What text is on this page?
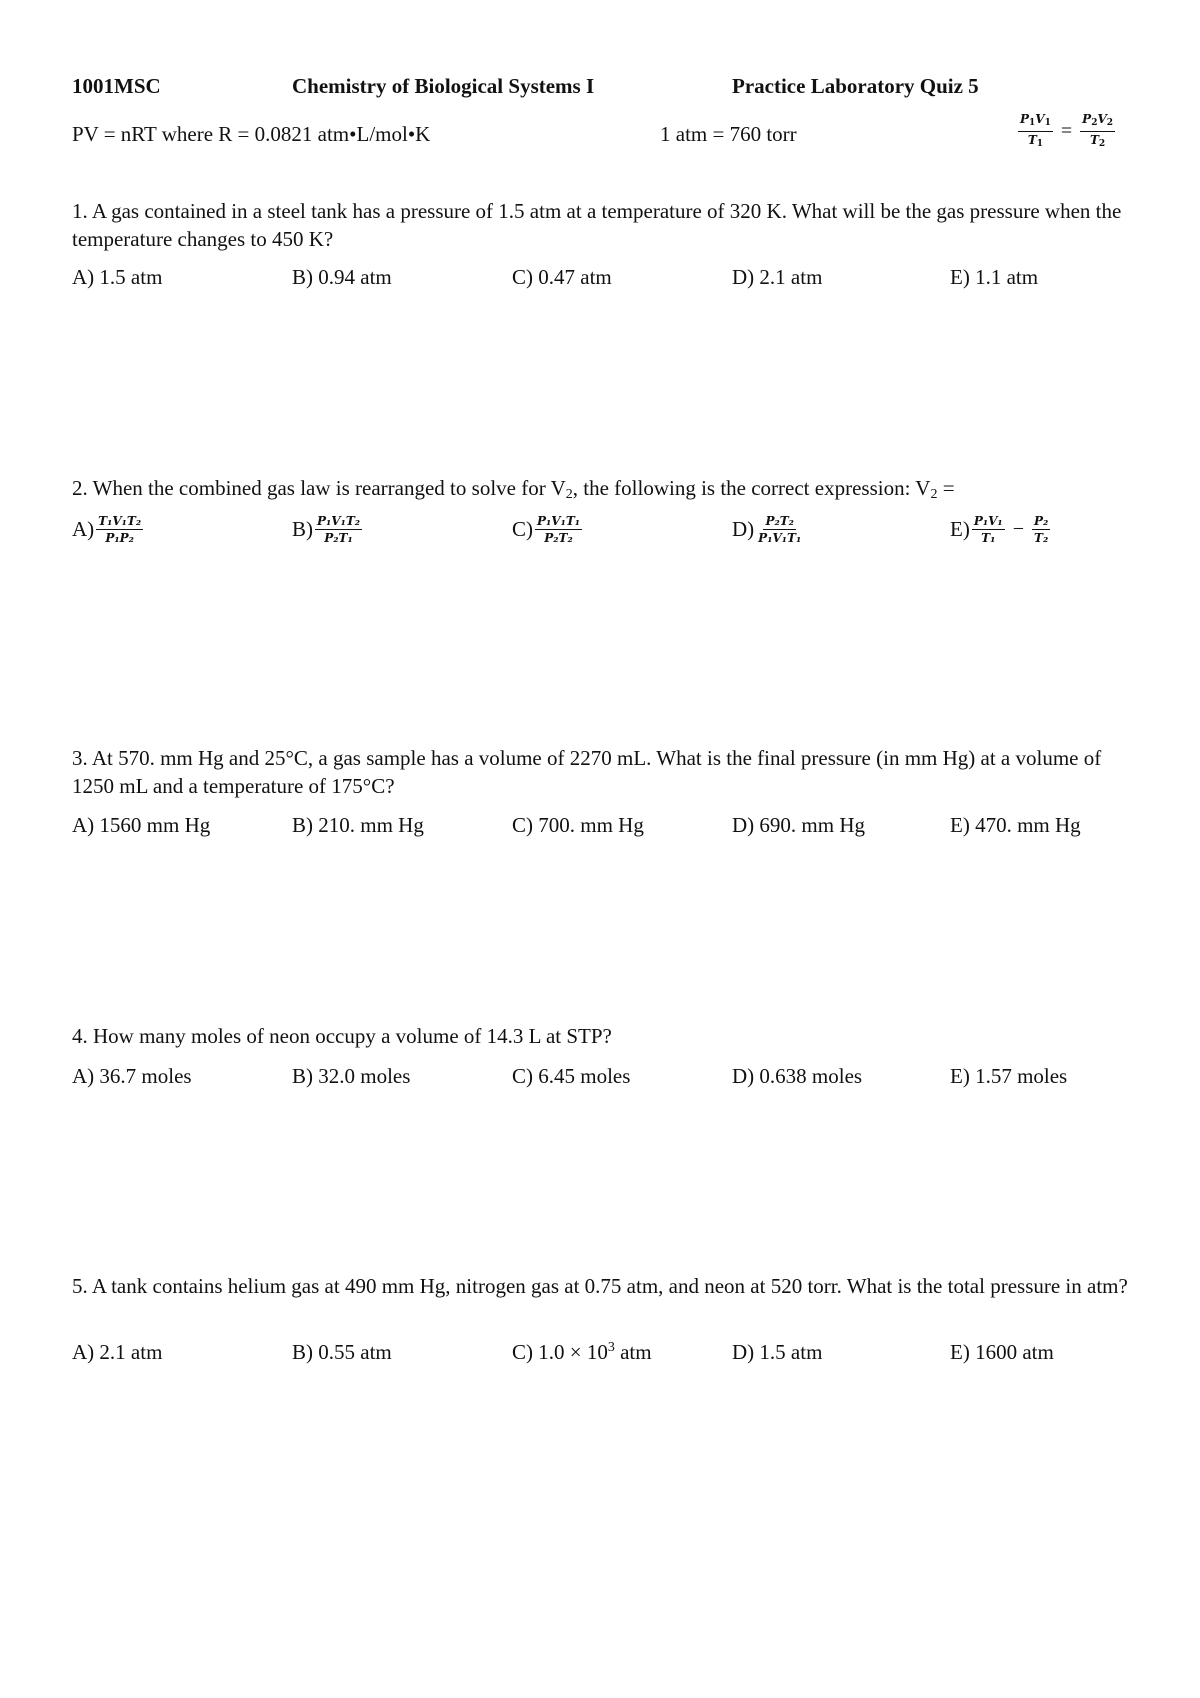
1001MSC	Chemistry of Biological Systems I	Practice Laboratory Quiz 5
PV = nRT where R = 0.0821 atm•L/mol•K	1 atm = 760 torr	$\frac{P_1V_1}{T_1} = \frac{P_2V_2}{T_2}$
1. A gas contained in a steel tank has a pressure of 1.5 atm at a temperature of 320 K. What will be the gas pressure when the temperature changes to 450 K?
A) 1.5 atm	B) 0.94 atm	C) 0.47 atm	D) 2.1 atm	E) 1.1 atm
2. When the combined gas law is rearranged to solve for $V_2$, the following is the correct expression: $V_2$ =
$A) \frac{\text{T₁V₁T₂}}{\text{P₁P₂}}$	$B) \frac{\text{P₁V₁T₂}}{\text{P₂T₁}}$	$C) \frac{\text{P₁V₁T₁}}{\text{P₂T₂}}$	$D) \frac{\text{P₂T₂}}{\text{P₁V₁T₁}}$	$E) \frac{\text{P₁V₁}}{\text{T₁}} - \frac{\text{P₂}}{\text{T₂}}$
3. At 570. mm Hg and 25°C, a gas sample has a volume of 2270 mL. What is the final pressure (in mm Hg) at a volume of 1250 mL and a temperature of 175°C?
A) 1560 mm Hg	B) 210. mm Hg	C) 700. mm Hg	D) 690. mm Hg	E) 470. mm Hg
4. How many moles of neon occupy a volume of 14.3 L at STP?
A) 36.7 moles	B) 32.0 moles	C) 6.45 moles	D) 0.638 moles	E) 1.57 moles
5. A tank contains helium gas at 490 mm Hg, nitrogen gas at 0.75 atm, and neon at 520 torr. What is the total pressure in atm?
A) 2.1 atm	B) 0.55 atm	C) $1.0 \times 10^3$ atm	D) 1.5 atm	E) 1600 atm
